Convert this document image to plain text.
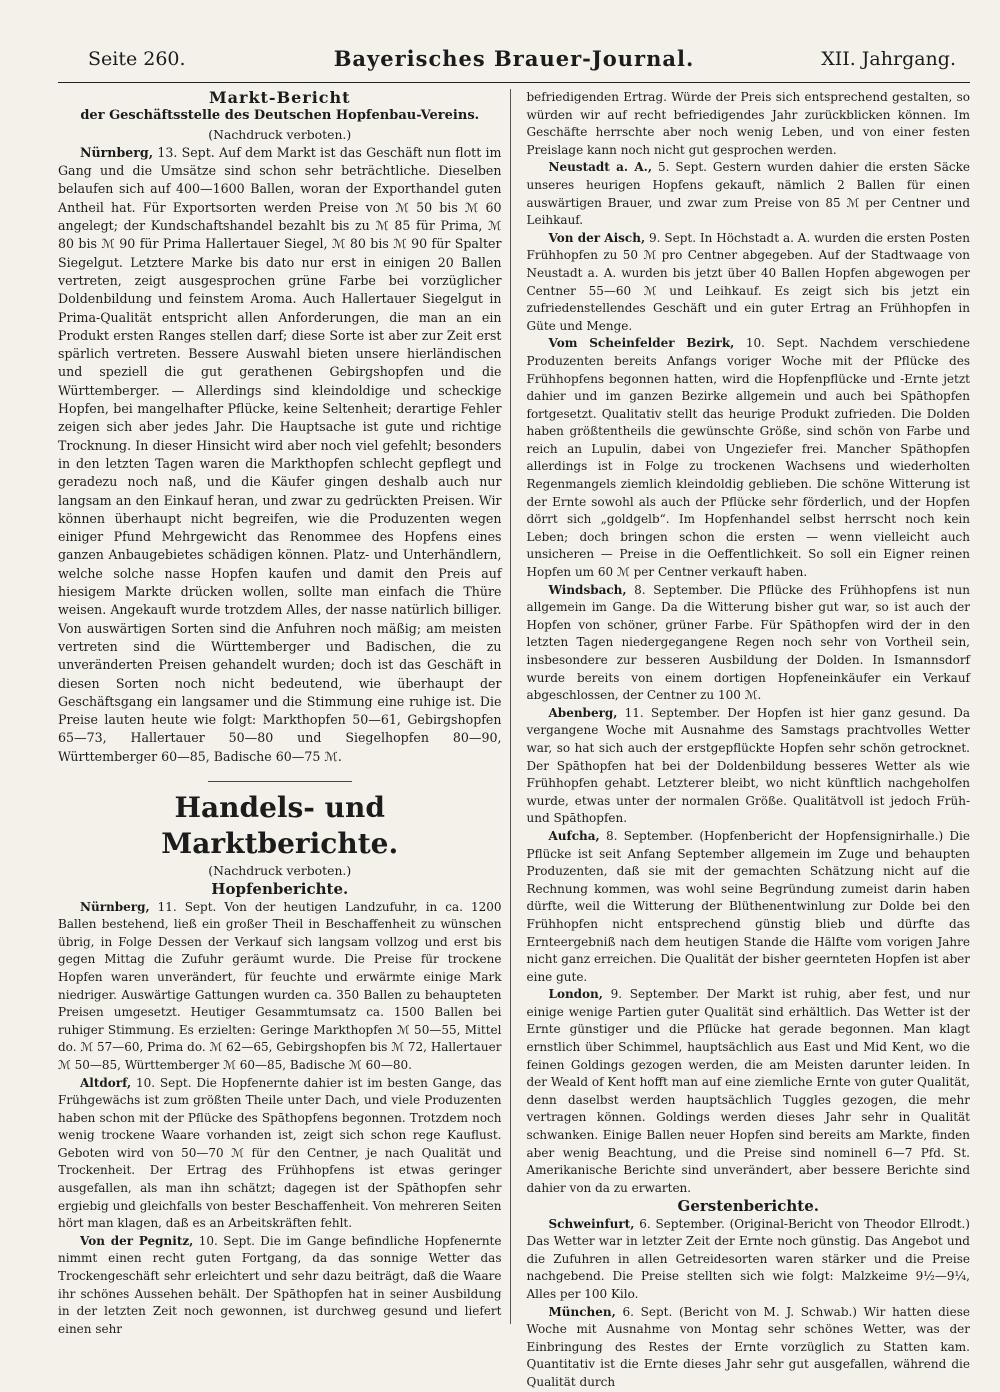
Seite 260.	Bayerisches Brauer-Journal.	XII. Jahrgang.

Markt-Bericht

der Geschäftsstelle des Deutschen Hopfenbau-Vereins.

(Nachdruck verboten.)

Nürnberg, 13. Sept. Auf dem Markt ist das Geschäft nun flott im Gang und die Umsätze sind schon sehr beträchtliche. Dieselben belaufen sich auf 400—1600 Ballen, woran der Exporthandel guten Antheil hat. Für Exportsorten werden Preise von ℳ 50 bis ℳ 60 angelegt; der Kundschaftshandel bezahlt bis zu ℳ 85 für Prima, ℳ 80 bis ℳ 90 für Prima Hallertauer Siegel, ℳ 80 bis ℳ 90 für Spalter Siegelgut. Letztere Marke bis dato nur erst in einigen 20 Ballen vertreten, zeigt ausgesprochen grüne Farbe bei vorzüglicher Doldenbildung und feinstem Aroma. Auch Hallertauer Siegelgut in Prima-Qualität entspricht allen Anforderungen, die man an ein Produkt ersten Ranges stellen darf; diese Sorte ist aber zur Zeit erst spärlich vertreten. Bessere Auswahl bieten unsere hierländischen und speziell die gut gerathenen Gebirgshopfen und die Württemberger. — Allerdings sind kleindoldige und scheckige Hopfen, bei mangelhafter Pflücke, keine Seltenheit; derartige Fehler zeigen sich aber jedes Jahr. Die Hauptsache ist gute und richtige Trocknung. In dieser Hinsicht wird aber noch viel gefehlt; besonders in den letzten Tagen waren die Markthopfen schlecht gepflegt und geradezu noch naß, und die Käufer gingen deshalb auch nur langsam an den Einkauf heran, und zwar zu gedrückten Preisen. Wir können überhaupt nicht begreifen, wie die Produzenten wegen einiger Pfund Mehrgewicht das Renommee des Hopfens eines ganzen Anbaugebietes schädigen können. Platz- und Unterhändlern, welche solche nasse Hopfen kaufen und damit den Preis auf hiesigem Markte drücken wollen, sollte man einfach die Thüre weisen. Angekauft wurde trotzdem Alles, der nasse natürlich billiger. Von auswärtigen Sorten sind die Anfuhren noch mäßig; am meisten vertreten sind die Württemberger und Badischen, die zu unveränderten Preisen gehandelt wurden; doch ist das Geschäft in diesen Sorten noch nicht bedeutend, wie überhaupt der Geschäftsgang ein langsamer und die Stimmung eine ruhige ist. Die Preise lauten heute wie folgt: Markthopfen 50—61, Gebirgshopfen 65—73, Hallertauer 50—80 und Siegelhopfen 80—90, Württemberger 60—85, Badische 60—75 ℳ.

Handels- und Marktberichte.

(Nachdruck verboten.)

Hopfenberichte.

Nürnberg, 11. Sept. Von der heutigen Landzufuhr, in ca. 1200 Ballen bestehend, ließ ein großer Theil in Beschaffenheit zu wünschen übrig, in Folge Dessen der Verkauf sich langsam vollzog und erst bis gegen Mittag die Zufuhr geräumt wurde. Die Preise für trockene Hopfen waren unverändert, für feuchte und erwärmte einige Mark niedriger. Auswärtige Gattungen wurden ca. 350 Ballen zu behaupteten Preisen umgesetzt. Heutiger Gesammtumsatz ca. 1500 Ballen bei ruhiger Stimmung. Es erzielten: Geringe Markthopfen ℳ 50—55, Mittel do. ℳ 57—60, Prima do. ℳ 62—65, Gebirgshopfen bis ℳ 72, Hallertauer ℳ 50—85, Württemberger ℳ 60—85, Badische ℳ 60—80.

Altdorf, 10. Sept. Die Hopfenernte dahier ist im besten Gange, das Frühgewächs ist zum größten Theile unter Dach, und viele Produzenten haben schon mit der Pflücke des Spāthopfens begonnen. Trotzdem noch wenig trockene Waare vorhanden ist, zeigt sich schon rege Kauflust. Geboten wird von 50—70 ℳ für den Centner, je nach Qualität und Trockenheit. Der Ertrag des Frühhopfens ist etwas geringer ausgefallen, als man ihn schätzt; dagegen ist der Spāthopfen sehr ergiebig und gleichfalls von bester Beschaffenheit. Von mehreren Seiten hört man klagen, daß es an Arbeitskräften fehlt.

Von der Pegnitz, 10. Sept. Die im Gange befindliche Hopfenernte nimmt einen recht guten Fortgang, da das sonnige Wetter das Trockengeschäft sehr erleichtert und sehr dazu beiträgt, daß die Waare ihr schönes Aussehen behält. Der Spāthopfen hat in seiner Ausbildung in der letzten Zeit noch gewonnen, ist durchweg gesund und liefert einen sehr

befriedigenden Ertrag. Würde der Preis sich entsprechend gestalten, so würden wir auf recht befriedigendes Jahr zurückblicken können. Im Geschäfte herrschte aber noch wenig Leben, und von einer festen Preislage kann noch nicht gut gesprochen werden.

Neustadt a. A., 5. Sept. Gestern wurden dahier die ersten Säcke unseres heurigen Hopfens gekauft, nämlich 2 Ballen für einen auswärtigen Brauer, und zwar zum Preise von 85 ℳ per Centner und Leihkauf.

Von der Aisch, 9. Sept. In Höchstadt a. A. wurden die ersten Posten Frühhopfen zu 50 ℳ pro Centner abgegeben. Auf der Stadtwaage von Neustadt a. A. wurden bis jetzt über 40 Ballen Hopfen abgewogen per Centner 55—60 ℳ und Leihkauf. Es zeigt sich bis jetzt ein zufriedenstellendes Geschäft und ein guter Ertrag an Frühhopfen in Güte und Menge.

Vom Scheinfelder Bezirk, 10. Sept. Nachdem verschiedene Produzenten bereits Anfangs voriger Woche mit der Pflücke des Frühhopfens begonnen hatten, wird die Hopfenpflücke und -Ernte jetzt dahier und im ganzen Bezirke allgemein und auch bei Spāthopfen fortgesetzt. Qualitativ stellt das heurige Produkt zufrieden. Die Dolden haben größtentheils die gewünschte Größe, sind schön von Farbe und reich an Lupulin, dabei von Ungeziefer frei. Mancher Spāthopfen allerdings ist in Folge zu trockenen Wachsens und wiederholten Regenmangels ziemlich kleindoldig geblieben. Die schöne Witterung ist der Ernte sowohl als auch der Pflücke sehr förderlich, und der Hopfen dörrt sich „goldgelb“. Im Hopfenhandel selbst herrscht noch kein Leben; doch bringen schon die ersten — wenn vielleicht auch unsicheren — Preise in die Oeffentlichkeit. So soll ein Eigner reinen Hopfen um 60 ℳ per Centner verkauft haben.

Windsbach, 8. September. Die Pflücke des Frühhopfens ist nun allgemein im Gange. Da die Witterung bisher gut war, so ist auch der Hopfen von schöner, grüner Farbe. Für Spāthopfen wird der in den letzten Tagen niedergegangene Regen noch sehr von Vortheil sein, insbesondere zur besseren Ausbildung der Dolden. In Ismannsdorf wurde bereits von einem dortigen Hopfeneinkäufer ein Verkauf abgeschlossen, der Centner zu 100 ℳ.

Abenberg, 11. September. Der Hopfen ist hier ganz gesund. Da vergangene Woche mit Ausnahme des Samstags prachtvolles Wetter war, so hat sich auch der erstgepflückte Hopfen sehr schön getrocknet. Der Spāthopfen hat bei der Doldenbildung besseres Wetter als wie Frühhopfen gehabt. Letzterer bleibt, wo nicht künftlich nachgeholfen wurde, etwas unter der normalen Größe. Qualitätvoll ist jedoch Früh- und Spāthopfen.

Aufcha, 8. September. (Hopfenbericht der Hopfensignirhalle.) Die Pflücke ist seit Anfang September allgemein im Zuge und behaupten Produzenten, daß sie mit der gemachten Schätzung nicht auf die Rechnung kommen, was wohl seine Begründung zumeist darin haben dürfte, weil die Witterung der Blüthenentwinlung zur Dolde bei den Frühhopfen nicht entsprechend günstig blieb und dürfte das Ernteergebniß nach dem heutigen Stande die Hälfte vom vorigen Jahre nicht ganz erreichen. Die Qualität der bisher geernteten Hopfen ist aber eine gute.

London, 9. September. Der Markt ist ruhig, aber fest, und nur einige wenige Partien guter Qualität sind erhältlich. Das Wetter ist der Ernte günstiger und die Pflücke hat gerade begonnen. Man klagt ernstlich über Schimmel, hauptsächlich aus East und Mid Kent, wo die feinen Goldings gezogen werden, die am Meisten darunter leiden. In der Weald of Kent hofft man auf eine ziemliche Ernte von guter Qualität, denn daselbst werden hauptsächlich Tuggles gezogen, die mehr vertragen können. Goldings werden dieses Jahr sehr in Qualität schwanken. Einige Ballen neuer Hopfen sind bereits am Markte, finden aber wenig Beachtung, und die Preise sind nominell 6—7 Pfd. St. Amerikanische Berichte sind unverändert, aber bessere Berichte sind dahier von da zu erwarten.

Gerstenberichte.

Schweinfurt, 6. September. (Original-Bericht von Theodor Ellrodt.) Das Wetter war in letzter Zeit der Ernte noch günstig. Das Angebot und die Zufuhren in allen Getreidesorten waren stärker und die Preise nachgebend. Die Preise stellten sich wie folgt: Malzkeime 9½—9¼, Alles per 100 Kilo.

München, 6. Sept. (Bericht von M. J. Schwab.) Wir hatten diese Woche mit Ausnahme von Montag sehr schönes Wetter, was der Einbringung des Restes der Ernte vorzüglich zu Statten kam. Quantitativ ist die Ernte dieses Jahr sehr gut ausgefallen, während die Qualität durch
